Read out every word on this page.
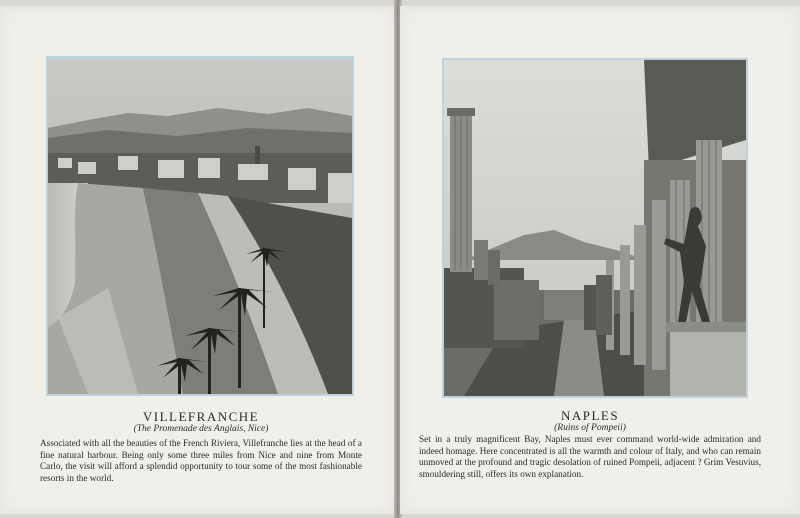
VILLEFRANCHE
(The Promenade des Anglais, Nice)
Associated with all the beauties of the French Riviera, Villefranche lies at the head of a fine natural harbour. Being only some three miles from Nice and nine from Monte Carlo, the visit will afford a splendid opportunity to tour some of the most fashionable resorts in the world.
NAPLES
(Ruins of Pompeii)
Set in a truly magnificent Bay, Naples must ever command world-wide admiration and indeed homage. Here concentrated is all the warmth and colour of Italy, and who can remain unmoved at the profound and tragic desolation of ruined Pompeii, adjacent ? Grim Vesuvius, smouldering still, offers its own explanation.
